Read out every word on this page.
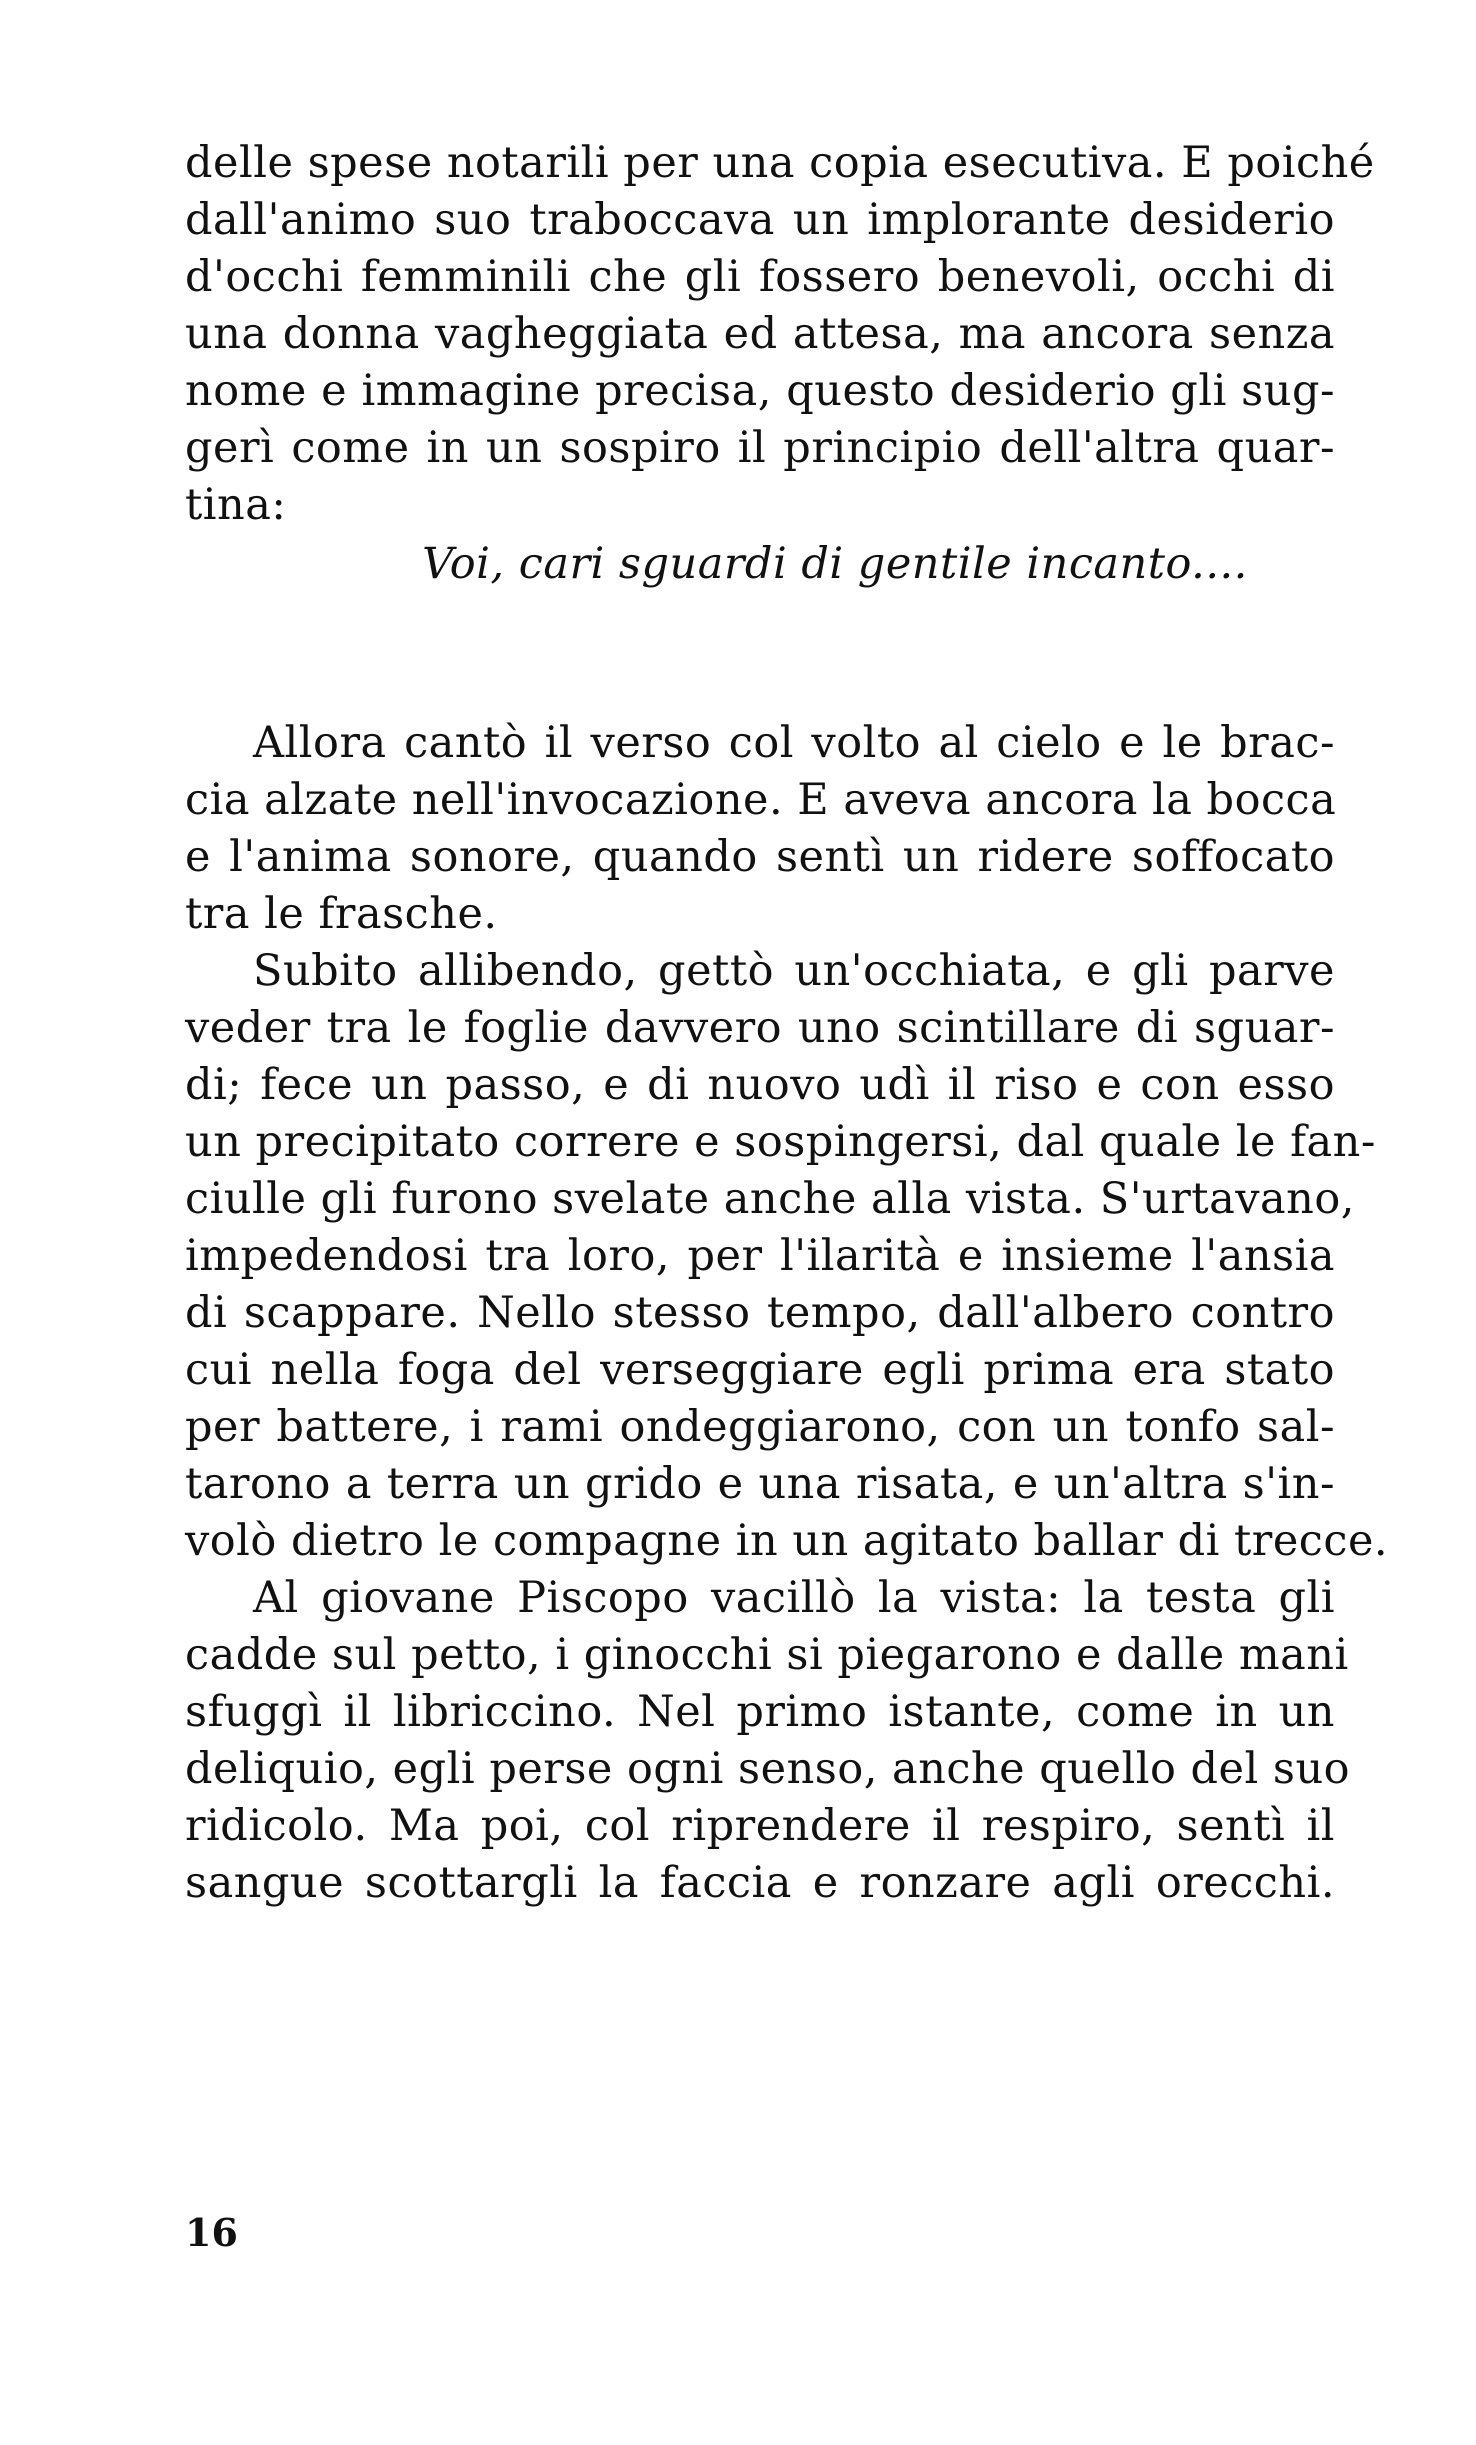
delle spese notarili per una copia esecutiva. E poiché
dall'animo suo traboccava un implorante desiderio
d'occhi femminili che gli fossero benevoli, occhi di
una donna vagheggiata ed attesa, ma ancora senza
nome e immagine precisa, questo desiderio gli sug-
gerì come in un sospiro il principio dell'altra quar-
tina:
Voi, cari sguardi di gentile incanto....
Allora cantò il verso col volto al cielo e le brac-
cia alzate nell'invocazione. E aveva ancora la bocca
e l'anima sonore, quando sentì un ridere soffocato
tra le frasche.
Subito allibendo, gettò un'occhiata, e gli parve
veder tra le foglie davvero uno scintillare di sguar-
di; fece un passo, e di nuovo udì il riso e con esso
un precipitato correre e sospingersi, dal quale le fan-
ciulle gli furono svelate anche alla vista. S'urtavano,
impedendosi tra loro, per l'ilarità e insieme l'ansia
di scappare. Nello stesso tempo, dall'albero contro
cui nella foga del verseggiare egli prima era stato
per battere, i rami ondeggiarono, con un tonfo sal-
tarono a terra un grido e una risata, e un'altra s'in-
volò dietro le compagne in un agitato ballar di trecce.
Al giovane Piscopo vacillò la vista: la testa gli
cadde sul petto, i ginocchi si piegarono e dalle mani
sfuggì il libriccino. Nel primo istante, come in un
deliquio, egli perse ogni senso, anche quello del suo
ridicolo. Ma poi, col riprendere il respiro, sentì il
sangue scottargli la faccia e ronzare agli orecchi.
16
